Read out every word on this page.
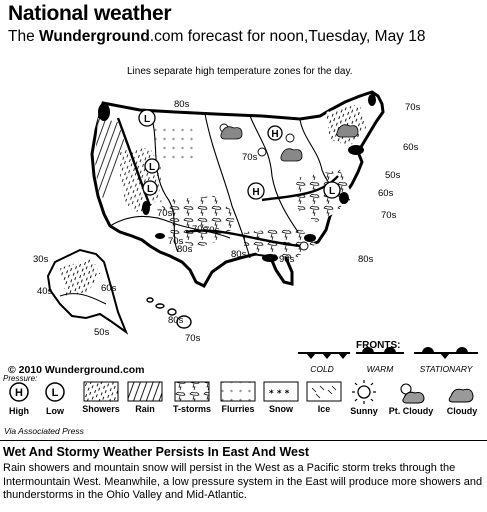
National weather
The Wunderground.com forecast for noon,Tuesday, May 18
Lines separate high temperature zones for the day.
L
L
L	L
H
H
80s	70s
60s
50s
60s
70s
70s
70s
70s
80s
80s
80s
70s
90s
30s
40s	60s
50s
80s
70s
70s
FRONTS:
COLD	WARM	STATIONARY
© 2010 Wunderground.com
Pressure:
H
High
L
Low	Showers	Rain	T-storms	Flurries
* * *
Snow	Ice	Sunny	Pt. Cloudy	Cloudy
Via Associated Press
Wet And Stormy Weather Persists In East And West
Rain showers and mountain snow will persist in the West as a Pacific storm treks through the Intermountain West. Meanwhile, a low pressure system in the East will produce more showers and thunderstorms in the Ohio Valley and Mid-Atlantic.
